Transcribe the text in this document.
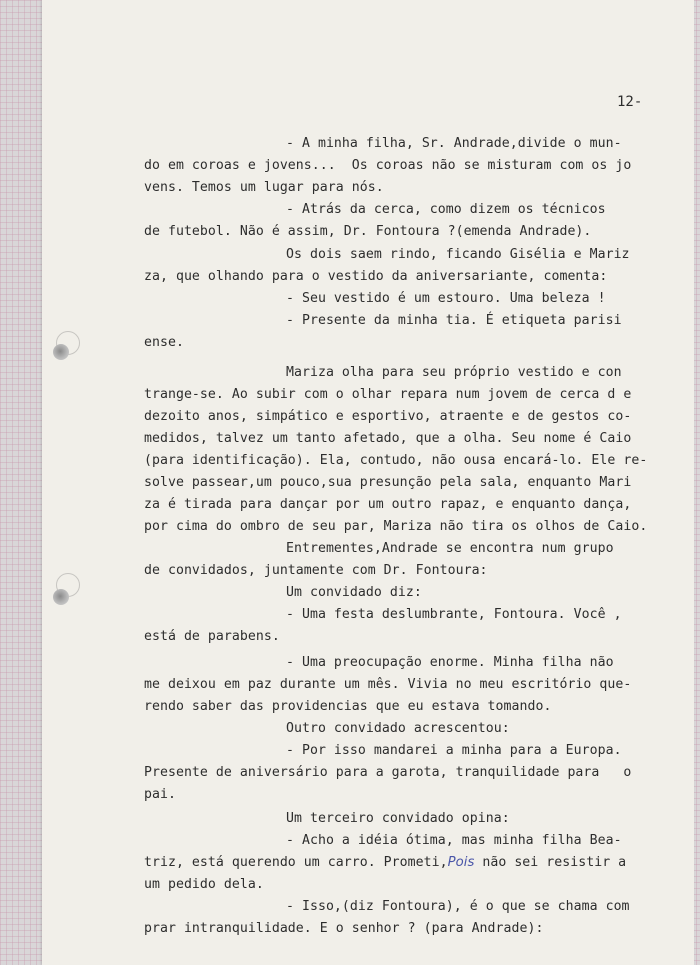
12-
- A minha filha, Sr. Andrade,divide o mun-
do em coroas e jovens...  Os coroas não se misturam com os jo
vens. Temos um lugar para nós.
- Atrás da cerca, como dizem os técnicos
de futebol. Não é assim, Dr. Fontoura ?(emenda Andrade).
Os dois saem rindo, ficando Gisélia e Mariz
za, que olhando para o vestido da aniversariante, comenta:
- Seu vestido é um estouro. Uma beleza !
- Presente da minha tia. É etiqueta parisi
ense.
Mariza olha para seu próprio vestido e con
trange-se. Ao subir com o olhar repara num jovem de cerca d e
dezoito anos, simpático e esportivo, atraente e de gestos co-
medidos, talvez um tanto afetado, que a olha. Seu nome é Caio
(para identificação). Ela, contudo, não ousa encará-lo. Ele re-
solve passear,um pouco,sua presunção pela sala, enquanto Mari
za é tirada para dançar por um outro rapaz, e enquanto dança,
por cima do ombro de seu par, Mariza não tira os olhos de Caio.
Entrementes,Andrade se encontra num grupo
de convidados, juntamente com Dr. Fontoura:
Um convidado diz:
- Uma festa deslumbrante, Fontoura. Você ,
está de parabens.
- Uma preocupação enorme. Minha filha não
me deixou em paz durante um mês. Vivia no meu escritório que-
rendo saber das providencias que eu estava tomando.
Outro convidado acrescentou:
- Por isso mandarei a minha para a Europa.
Presente de aniversário para a garota, tranquilidade para   o
pai.
Um terceiro convidado opina:
- Acho a idéia ótima, mas minha filha Bea-
triz, está querendo um carro. Prometi,Pois não sei resistir a
um pedido dela.
- Isso,(diz Fontoura), é o que se chama com
prar intranquilidade. E o senhor ? (para Andrade):
